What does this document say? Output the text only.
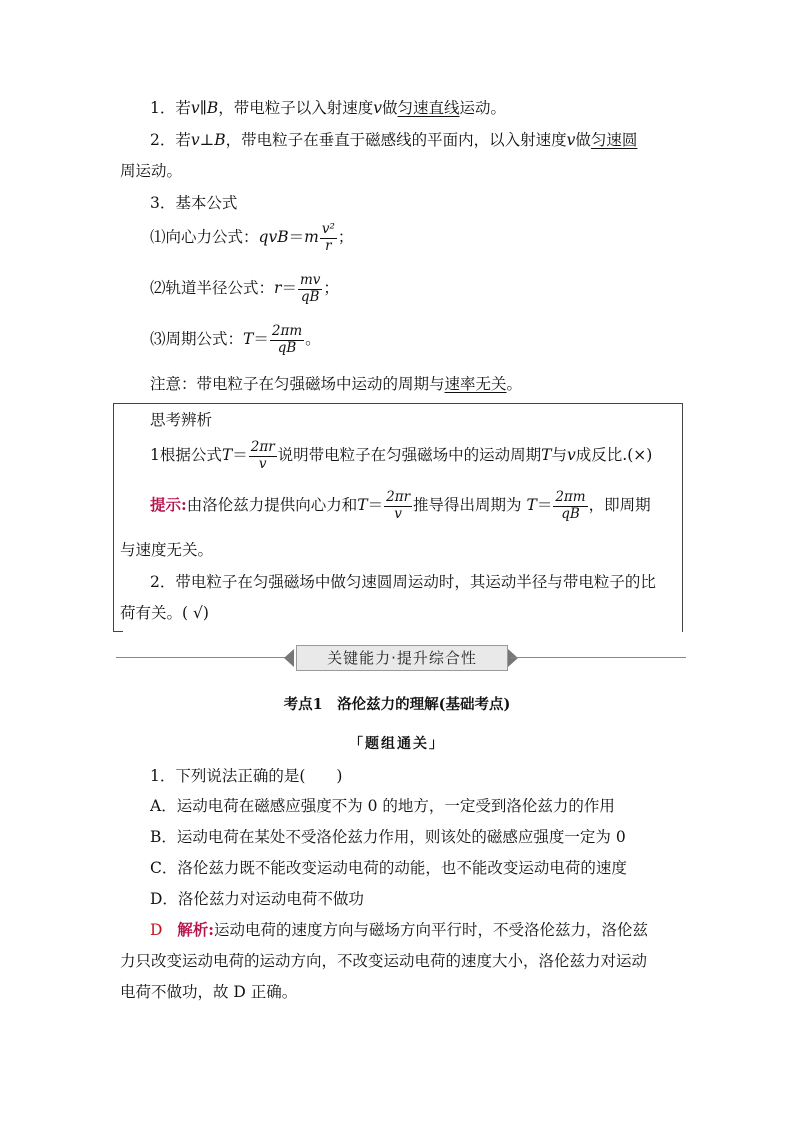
1．若v∥B，带电粒子以入射速度v做匀速直线运动。
2．若v⊥B，带电粒子在垂直于磁感线的平面内，以入射速度v做匀速圆
周运动。
3．基本公式
⑴向心力公式：$qvB=m \frac{\text{v²}}{r}$ ；
⑵轨道半径公式：$r= \frac{mv}{qB}$ ；
⑶周期公式：$T= \frac{2\pi m}{qB}$ 。
注意：带电粒子在匀强磁场中运动的周期与速率无关。
思考辨析
1根据公式$T= \frac{2\pi r}{v}$ 说明带电粒子在匀强磁场中的运动周期T与v成反比.(×)
提示:由洛伦兹力提供向心力和$T= \frac{2\pi r}{v}$ 推导得出周期为 $T= \frac{2\pi m}{qB}$ ，即周期
与速度无关。
2．带电粒子在匀强磁场中做匀速圆周运动时，其运动半径与带电粒子的比
荷有关。( √)
关键能力·提升综合性
考点1　洛伦兹力的理解(基础考点)
「题组通关」
1．下列说法正确的是(　　)
A．运动电荷在磁感应强度不为 0 的地方，一定受到洛伦兹力的作用
B．运动电荷在某处不受洛伦兹力作用，则该处的磁感应强度一定为 0
C．洛伦兹力既不能改变运动电荷的动能，也不能改变运动电荷的速度
D．洛伦兹力对运动电荷不做功
D 解析:运动电荷的速度方向与磁场方向平行时，不受洛伦兹力，洛伦兹
力只改变运动电荷的运动方向，不改变运动电荷的速度大小，洛伦兹力对运动
电荷不做功，故 D 正确。
